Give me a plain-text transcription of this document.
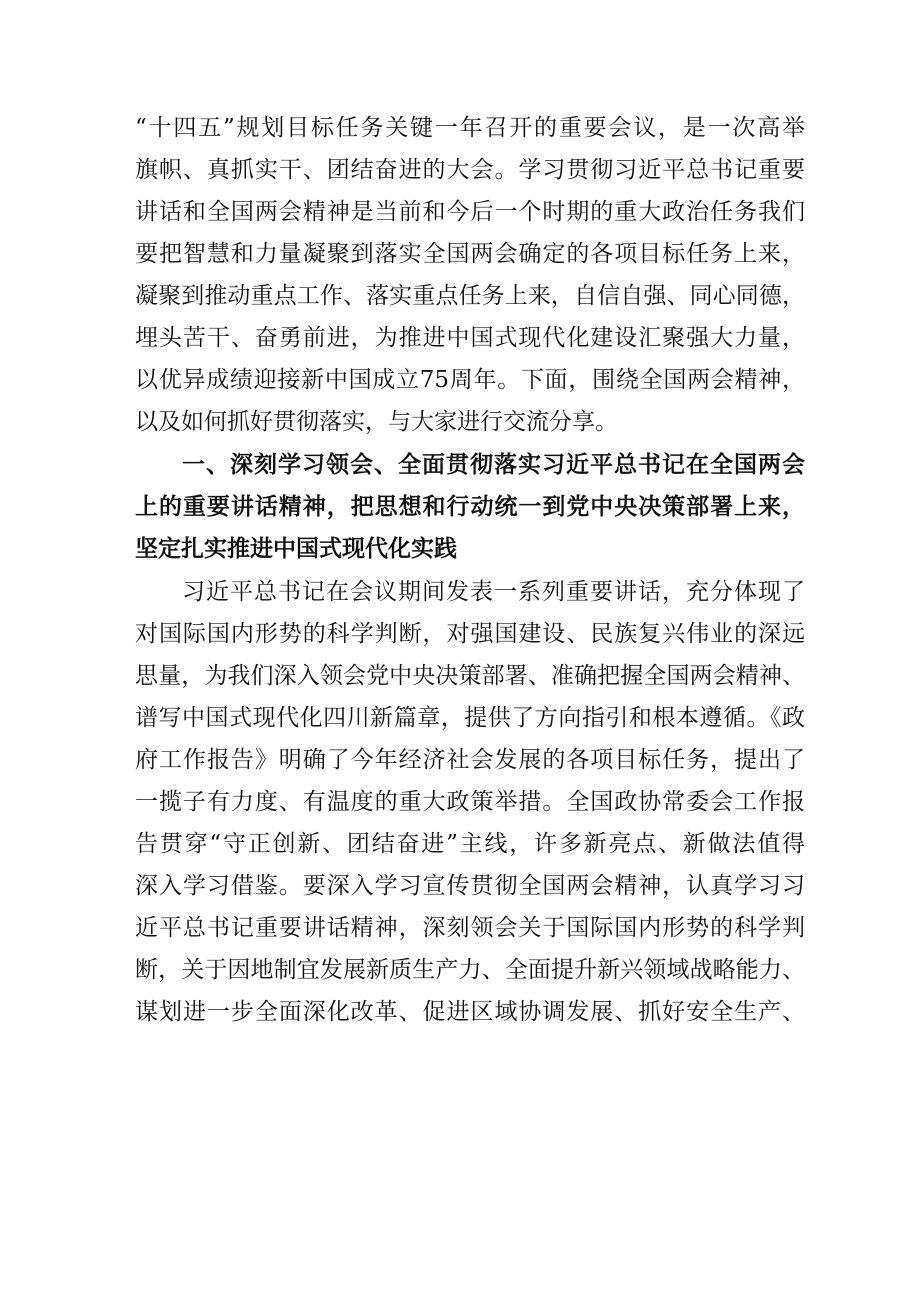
“十四五”规划目标任务关键一年召开的重要会议，是一次高举
旗帜、真抓实干、团结奋进的大会。学习贯彻习近平总书记重要
讲话和全国两会精神是当前和今后一个时期的重大政治任务我们
要把智慧和力量凝聚到落实全国两会确定的各项目标任务上来，
凝聚到推动重点工作、落实重点任务上来，自信自强、同心同德，
埋头苦干、奋勇前进，为推进中国式现代化建设汇聚强大力量，
以优异成绩迎接新中国成立75周年。下面，围绕全国两会精神，
以及如何抓好贯彻落实，与大家进行交流分享。
一、深刻学习领会、全面贯彻落实习近平总书记在全国两会
上的重要讲话精神，把思想和行动统一到党中央决策部署上来，
坚定扎实推进中国式现代化实践
习近平总书记在会议期间发表一系列重要讲话，充分体现了
对国际国内形势的科学判断，对强国建设、民族复兴伟业的深远
思量，为我们深入领会党中央决策部署、准确把握全国两会精神、
谱写中国式现代化四川新篇章，提供了方向指引和根本遵循。《政
府工作报告》明确了今年经济社会发展的各项目标任务，提出了
一揽子有力度、有温度的重大政策举措。全国政协常委会工作报
告贯穿“守正创新、团结奋进”主线，许多新亮点、新做法值得
深入学习借鉴。要深入学习宣传贯彻全国两会精神，认真学习习
近平总书记重要讲话精神，深刻领会关于国际国内形势的科学判
断，关于因地制宜发展新质生产力、全面提升新兴领域战略能力、
谋划进一步全面深化改革、促进区域协调发展、抓好安全生产、
